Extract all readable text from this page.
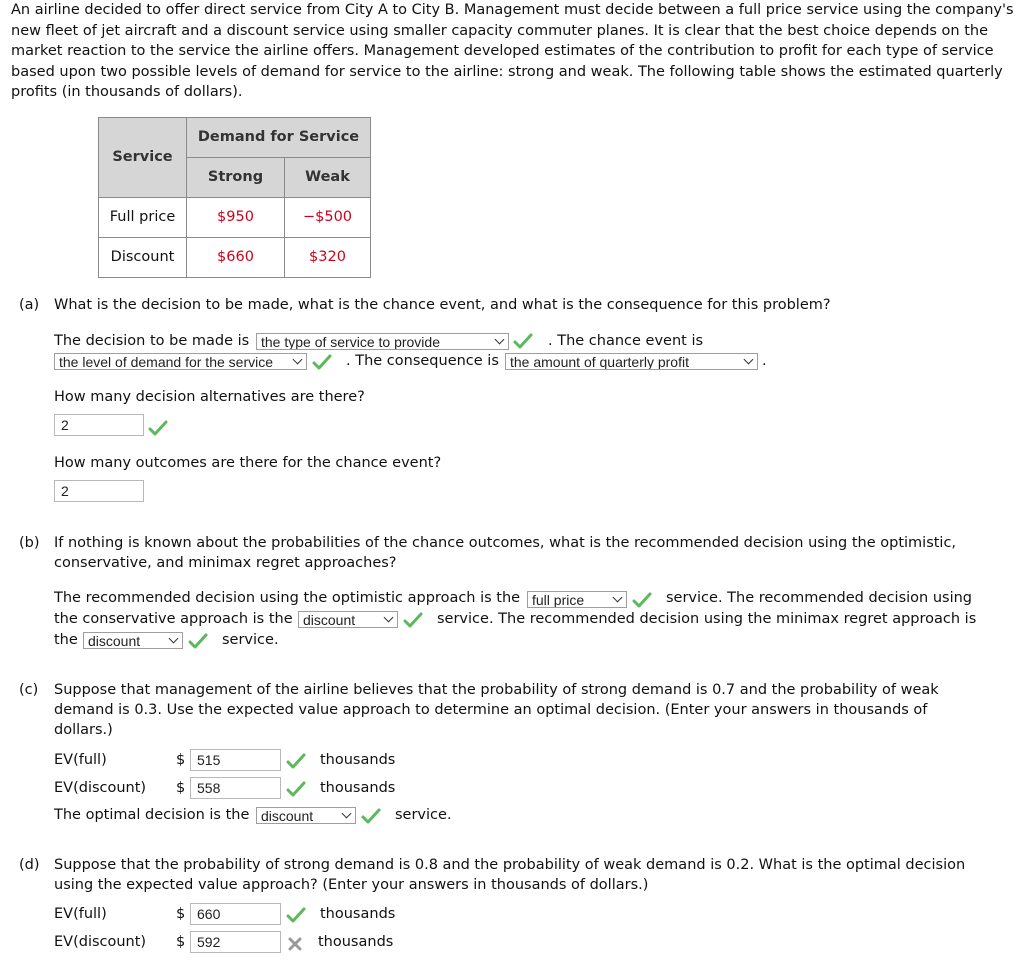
An airline decided to offer direct service from City A to City B. Management must decide between a full price service using the company's new fleet of jet aircraft and a discount service using smaller capacity commuter planes. It is clear that the best choice depends on the market reaction to the service the airline offers. Management developed estimates of the contribution to profit for each type of service based upon two possible levels of demand for service to the airline: strong and weak. The following table shows the estimated quarterly profits (in thousands of dollars).
Service	Demand for Service	
	Strong	Weak
Full price	$950	−$500
Discount	$660	$320
(a) What is the decision to be made, what is the chance event, and what is the consequence for this problem?
The decision to be made is the type of service to provide	. The chance event is
the level of demand for the service	. The consequence is the amount of quarterly profit	.
How many decision alternatives are there?
2
How many outcomes are there for the chance event?
2
(b) If nothing is known about the probabilities of the chance outcomes, what is the recommended decision using the optimistic,
conservative, and minimax regret approaches?
The recommended decision using the optimistic approach is the full price	service. The recommended decision using
the conservative approach is the discount	service. The recommended decision using the minimax regret approach is
the discount	service.
(c) Suppose that management of the airline believes that the probability of strong demand is 0.7 and the probability of weak
demand is 0.3. Use the expected value approach to determine an optimal decision. (Enter your answers in thousands of
dollars.)
EV(full)	$ 515	thousands
EV(discount) $ 558	thousands
The optimal decision is the discount	service.
(d) Suppose that the probability of strong demand is 0.8 and the probability of weak demand is 0.2. What is the optimal decision
using the expected value approach? (Enter your answers in thousands of dollars.)
EV(full)	$ 660	thousands
EV(discount) $ 592	thousands
